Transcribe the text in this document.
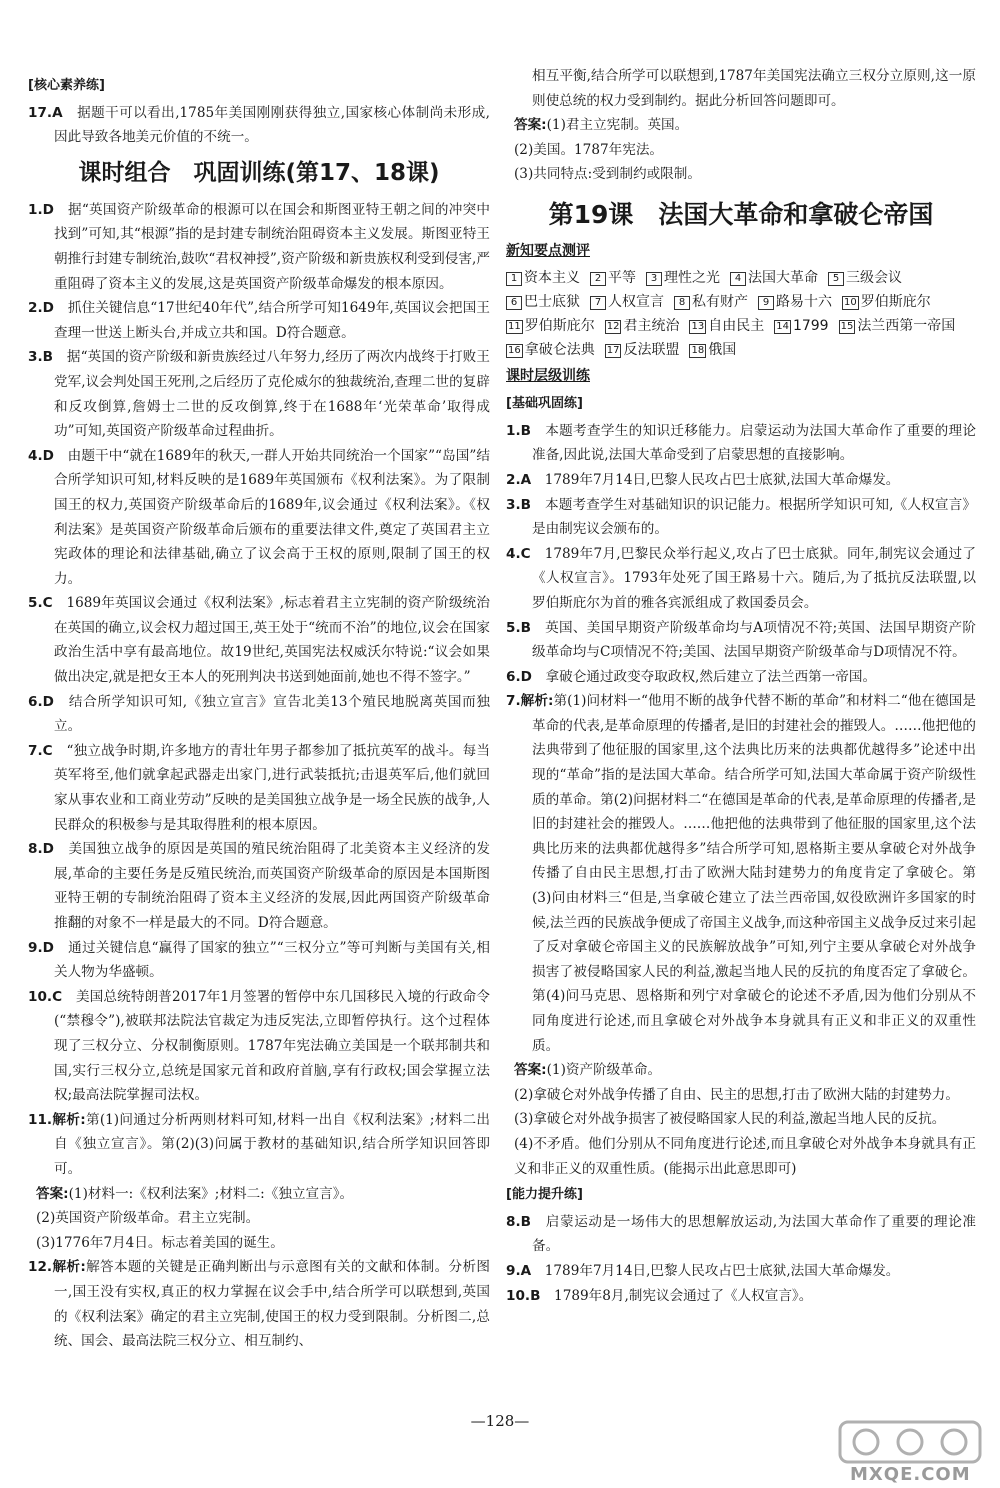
[核心素养练]

17.A　 据题干可以看出,1785年美国刚刚获得独立,国家核心体制尚未形成,因此导致各地美元价值的不统一。

课时组合　巩固训练(第17、18课)

1.D　 据“英国资产阶级革命的根源可以在国会和斯图亚特王朝之间的冲突中找到”可知,其“根源”指的是封建专制统治阻碍资本主义发展。斯图亚特王朝推行封建专制统治,鼓吹“君权神授”,资产阶级和新贵族权利受到侵害,严重阻碍了资本主义的发展,这是英国资产阶级革命爆发的根本原因。

2.D　 抓住关键信息“17世纪40年代”,结合所学可知1649年,英国议会把国王查理一世送上断头台,并成立共和国。D符合题意。

3.B　 据“英国的资产阶级和新贵族经过八年努力,经历了两次内战终于打败王党军,议会判处国王死刑,之后经历了克伦威尔的独裁统治,查理二世的复辟和反攻倒算,詹姆士二世的反攻倒算,终于在1688年‘光荣革命’取得成功”可知,英国资产阶级革命过程曲折。

4.D　 由题干中“就在1689年的秋天,一群人开始共同统治一个国家”“岛国”结合所学知识可知,材料反映的是1689年英国颁布《权利法案》。为了限制国王的权力,英国资产阶级革命后的1689年,议会通过《权利法案》。《权利法案》是英国资产阶级革命后颁布的重要法律文件,奠定了英国君主立宪政体的理论和法律基础,确立了议会高于王权的原则,限制了国王的权力。

5.C　 1689年英国议会通过《权利法案》,标志着君主立宪制的资产阶级统治在英国的确立,议会权力超过国王,英王处于“统而不治”的地位,议会在国家政治生活中享有最高地位。故19世纪,英国宪法权威沃尔特说:“议会如果做出决定,就是把女王本人的死刑判决书送到她面前,她也不得不签字。”

6.D　 结合所学知识可知,《独立宣言》宣告北美13个殖民地脱离英国而独立。

7.C　 “独立战争时期,许多地方的青壮年男子都参加了抵抗英军的战斗。每当英军将至,他们就拿起武器走出家门,进行武装抵抗;击退英军后,他们就回家从事农业和工商业劳动”反映的是美国独立战争是一场全民族的战争,人民群众的积极参与是其取得胜利的根本原因。

8.D　 美国独立战争的原因是英国的殖民统治阻碍了北美资本主义经济的发展,革命的主要任务是反殖民统治,而英国资产阶级革命的原因是本国斯图亚特王朝的专制统治阻碍了资本主义经济的发展,因此两国资产阶级革命推翻的对象不一样是最大的不同。D符合题意。

9.D　 通过关键信息“赢得了国家的独立”“三权分立”等可判断与美国有关,相关人物为华盛顿。

10.C　 美国总统特朗普2017年1月签署的暂停中东几国移民入境的行政命令(“禁穆令”),被联邦法院法官裁定为违反宪法,立即暂停执行。这个过程体现了三权分立、分权制衡原则。1787年宪法确立美国是一个联邦制共和国,实行三权分立,总统是国家元首和政府首脑,享有行政权;国会掌握立法权;最高法院掌握司法权。

11.解析:第(1)问通过分析两则材料可知,材料一出自《权利法案》;材料二出自《独立宣言》。第(2)(3)问属于教材的基础知识,结合所学知识回答即可。

答案:(1)材料一:《权利法案》;材料二:《独立宣言》。

(2)英国资产阶级革命。君主立宪制。

(3)1776年7月4日。标志着美国的诞生。

12.解析:解答本题的关键是正确判断出与示意图有关的文献和体制。分析图一,国王没有实权,真正的权力掌握在议会手中,结合所学可以联想到,英国的《权利法案》确定的君主立宪制,使国王的权力受到限制。分析图二,总统、国会、最高法院三权分立、相互制约、

相互平衡,结合所学可以联想到,1787年美国宪法确立三权分立原则,这一原则使总统的权力受到制约。据此分析回答问题即可。

答案:(1)君主立宪制。英国。

(2)美国。1787年宪法。

(3)共同特点:受到制约或限制。

第19课　法国大革命和拿破仑帝国
新知要点测评
1 资本主义 2 平等 3 理性之光 4 法国大革命 5 三级会议6 巴士底狱 7 人权宣言 8 私有财产 9 路易十六 10 罗伯斯庇尔11 罗伯斯庇尔 12 君主统治 13 自由民主 14 1799 15 法兰西第一帝国16 拿破仑法典 17 反法联盟 18 俄国
课时层级训练
[基础巩固练]

1.B　 本题考查学生的知识迁移能力。启蒙运动为法国大革命作了重要的理论准备,因此说,法国大革命受到了启蒙思想的直接影响。

2.A　 1789年7月14日,巴黎人民攻占巴士底狱,法国大革命爆发。

3.B　 本题考查学生对基础知识的识记能力。根据所学知识可知,《人权宣言》是由制宪议会颁布的。

4.C　 1789年7月,巴黎民众举行起义,攻占了巴士底狱。同年,制宪议会通过了《人权宣言》。1793年处死了国王路易十六。随后,为了抵抗反法联盟,以罗伯斯庇尔为首的雅各宾派组成了救国委员会。

5.B　 英国、美国早期资产阶级革命均与A项情况不符;英国、法国早期资产阶级革命均与C项情况不符;美国、法国早期资产阶级革命与D项情况不符。

6.D　 拿破仑通过政变夺取政权,然后建立了法兰西第一帝国。

7.解析:第(1)问材料一“他用不断的战争代替不断的革命”和材料二“他在德国是革命的代表,是革命原理的传播者,是旧的封建社会的摧毁人。……他把他的法典带到了他征服的国家里,这个法典比历来的法典都优越得多”论述中出现的“革命”指的是法国大革命。结合所学可知,法国大革命属于资产阶级性质的革命。第(2)问据材料二“在德国是革命的代表,是革命原理的传播者,是旧的封建社会的摧毁人。……他把他的法典带到了他征服的国家里,这个法典比历来的法典都优越得多”结合所学可知,恩格斯主要从拿破仑对外战争传播了自由民主思想,打击了欧洲大陆封建势力的角度肯定了拿破仑。第(3)问由材料三“但是,当拿破仑建立了法兰西帝国,奴役欧洲许多国家的时候,法兰西的民族战争便成了帝国主义战争,而这种帝国主义战争反过来引起了反对拿破仑帝国主义的民族解放战争”可知,列宁主要从拿破仑对外战争损害了被侵略国家人民的利益,激起当地人民的反抗的角度否定了拿破仑。第(4)问马克思、恩格斯和列宁对拿破仑的论述不矛盾,因为他们分别从不同角度进行论述,而且拿破仑对外战争本身就具有正义和非正义的双重性质。

答案:(1)资产阶级革命。

(2)拿破仑对外战争传播了自由、民主的思想,打击了欧洲大陆的封建势力。

(3)拿破仑对外战争损害了被侵略国家人民的利益,激起当地人民的反抗。

(4)不矛盾。他们分别从不同角度进行论述,而且拿破仑对外战争本身就具有正义和非正义的双重性质。(能揭示出此意思即可)

[能力提升练]

8.B　 启蒙运动是一场伟大的思想解放运动,为法国大革命作了重要的理论准备。

9.A　 1789年7月14日,巴黎人民攻占巴士底狱,法国大革命爆发。

10.B　 1789年8月,制宪议会通过了《人权宣言》。

—128—
MXQE.COM
